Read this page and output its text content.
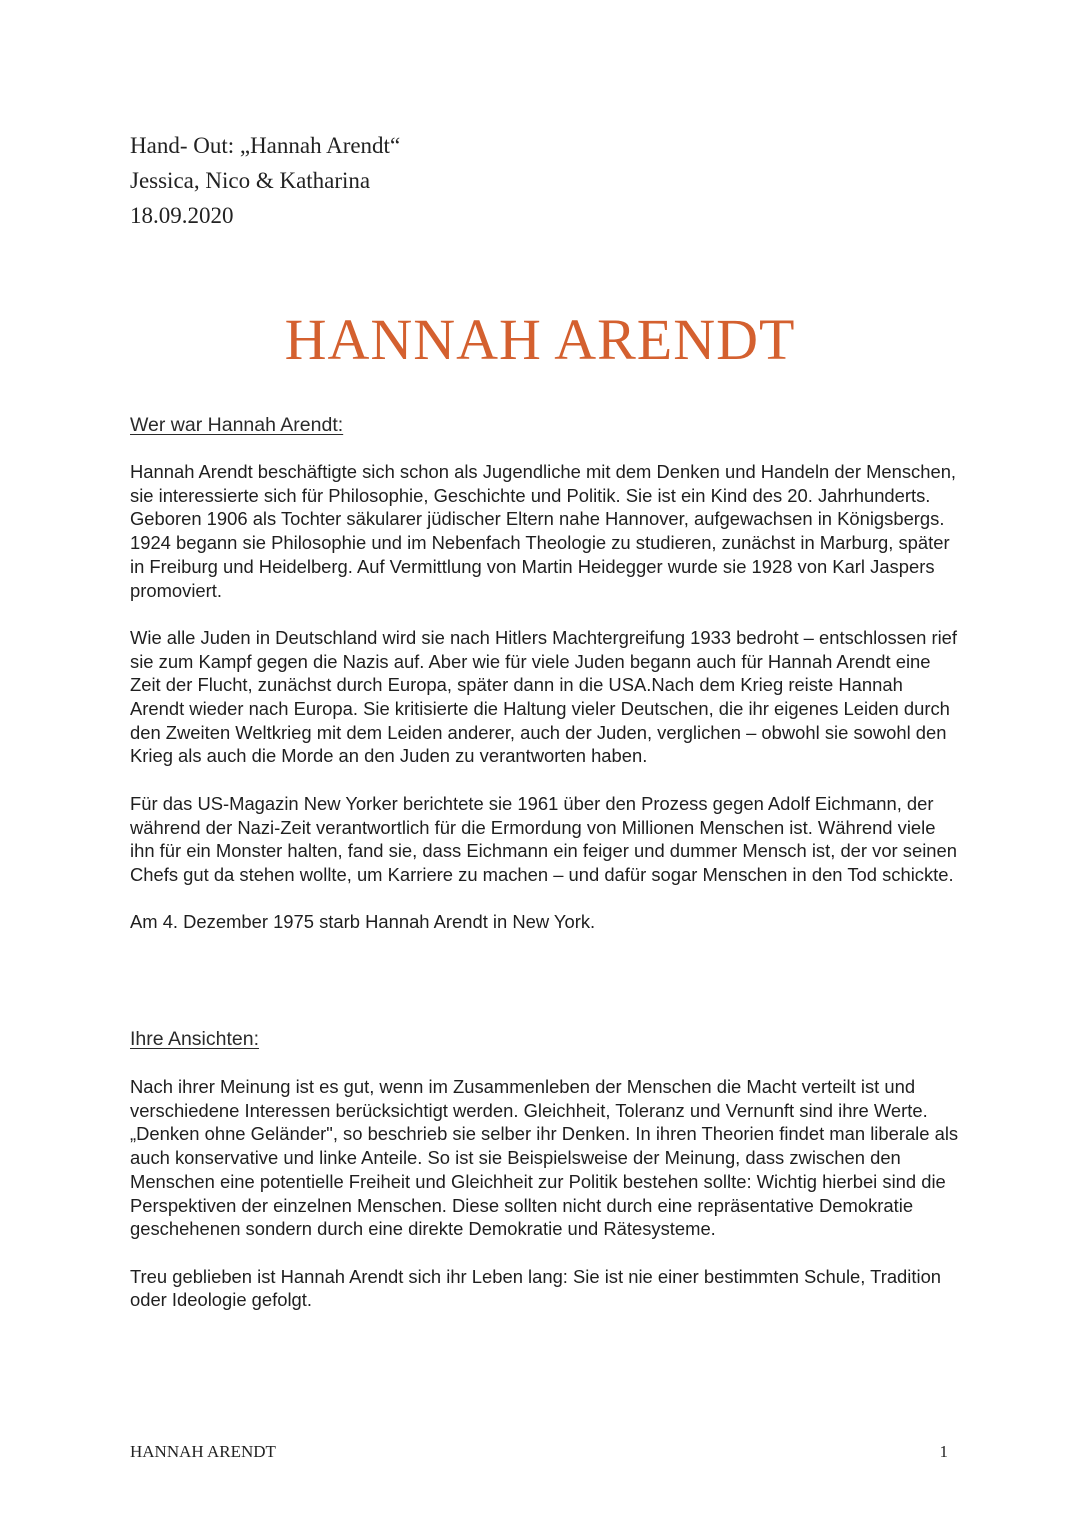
Hand- Out: „Hannah Arendt“
Jessica, Nico & Katharina
18.09.2020
HANNAH ARENDT
Wer war Hannah Arendt:

Hannah Arendt beschäftigte sich schon als Jugendliche mit dem Denken und Handeln der Menschen, sie interessierte sich für Philosophie, Geschichte und Politik. Sie ist ein Kind des 20. Jahrhunderts. Geboren 1906 als Tochter säkularer jüdischer Eltern nahe Hannover, aufgewachsen in Königsbergs. 1924 begann sie Philosophie und im Nebenfach Theologie zu studieren, zunächst in Marburg, später in Freiburg und Heidelberg. Auf Vermittlung von Martin Heidegger wurde sie 1928 von Karl Jaspers promoviert.

Wie alle Juden in Deutschland wird sie nach Hitlers Machtergreifung 1933 bedroht – entschlossen rief sie zum Kampf gegen die Nazis auf. Aber wie für viele Juden begann auch für Hannah Arendt eine Zeit der Flucht, zunächst durch Europa, später dann in die USA.Nach dem Krieg reiste Hannah Arendt wieder nach Europa. Sie kritisierte die Haltung vieler Deutschen, die ihr eigenes Leiden durch den Zweiten Weltkrieg mit dem Leiden anderer, auch der Juden, verglichen – obwohl sie sowohl den Krieg als auch die Morde an den Juden zu verantworten haben.

Für das US-Magazin New Yorker berichtete sie 1961 über den Prozess gegen Adolf Eichmann, der während der Nazi-Zeit verantwortlich für die Ermordung von Millionen Menschen ist. Während viele ihn für ein Monster halten, fand sie, dass Eichmann ein feiger und dummer Mensch ist, der vor seinen Chefs gut da stehen wollte, um Karriere zu machen – und dafür sogar Menschen in den Tod schickte.

Am 4. Dezember 1975 starb Hannah Arendt in New York.

Ihre Ansichten:

Nach ihrer Meinung ist es gut, wenn im Zusammenleben der Menschen die Macht verteilt ist und verschiedene Interessen berücksichtigt werden. Gleichheit, Toleranz und Vernunft sind ihre Werte. „Denken ohne Geländer", so beschrieb sie selber ihr Denken. In ihren Theorien findet man liberale als auch konservative und linke Anteile. So ist sie Beispielsweise der Meinung, dass zwischen den Menschen eine potentielle Freiheit und Gleichheit zur Politik bestehen sollte: Wichtig hierbei sind die Perspektiven der einzelnen Menschen. Diese sollten nicht durch eine repräsentative Demokratie geschehenen sondern durch eine direkte Demokratie und Rätesysteme.

Treu geblieben ist Hannah Arendt sich ihr Leben lang: Sie ist nie einer bestimmten Schule, Tradition oder Ideologie gefolgt.

HANNAH ARENDT	1
